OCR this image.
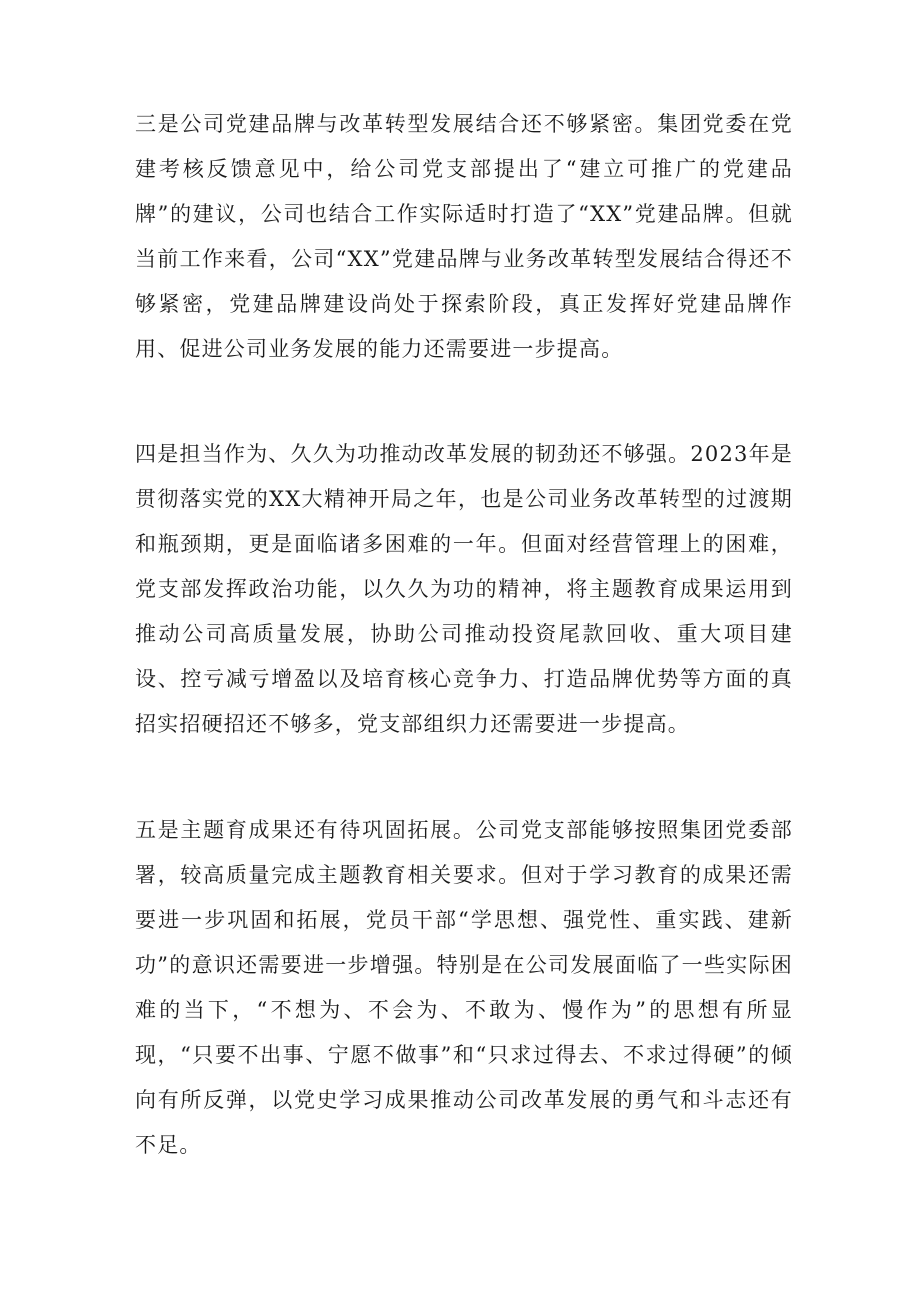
三是公司党建品牌与改革转型发展结合还不够紧密。集团党委在党建考核反馈意见中，给公司党支部提出了“建立可推广的党建品牌”的建议，公司也结合工作实际适时打造了“XX”党建品牌。但就当前工作来看，公司“XX”党建品牌与业务改革转型发展结合得还不够紧密，党建品牌建设尚处于探索阶段，真正发挥好党建品牌作用、促进公司业务发展的能力还需要进一步提高。

四是担当作为、久久为功推动改革发展的韧劲还不够强。2023年是贯彻落实党的XX大精神开局之年，也是公司业务改革转型的过渡期和瓶颈期，更是面临诸多困难的一年。但面对经营管理上的困难，党支部发挥政治功能，以久久为功的精神，将主题教育成果运用到推动公司高质量发展，协助公司推动投资尾款回收、重大项目建设、控亏减亏增盈以及培育核心竞争力、打造品牌优势等方面的真招实招硬招还不够多，党支部组织力还需要进一步提高。

五是主题育成果还有待巩固拓展。公司党支部能够按照集团党委部署，较高质量完成主题教育相关要求。但对于学习教育的成果还需要进一步巩固和拓展，党员干部“学思想、强党性、重实践、建新功”的意识还需要进一步增强。特别是在公司发展面临了一些实际困难的当下，“不想为、不会为、不敢为、慢作为”的思想有所显现，“只要不出事、宁愿不做事”和“只求过得去、不求过得硬”的倾向有所反弹，以党史学习成果推动公司改革发展的勇气和斗志还有不足。
